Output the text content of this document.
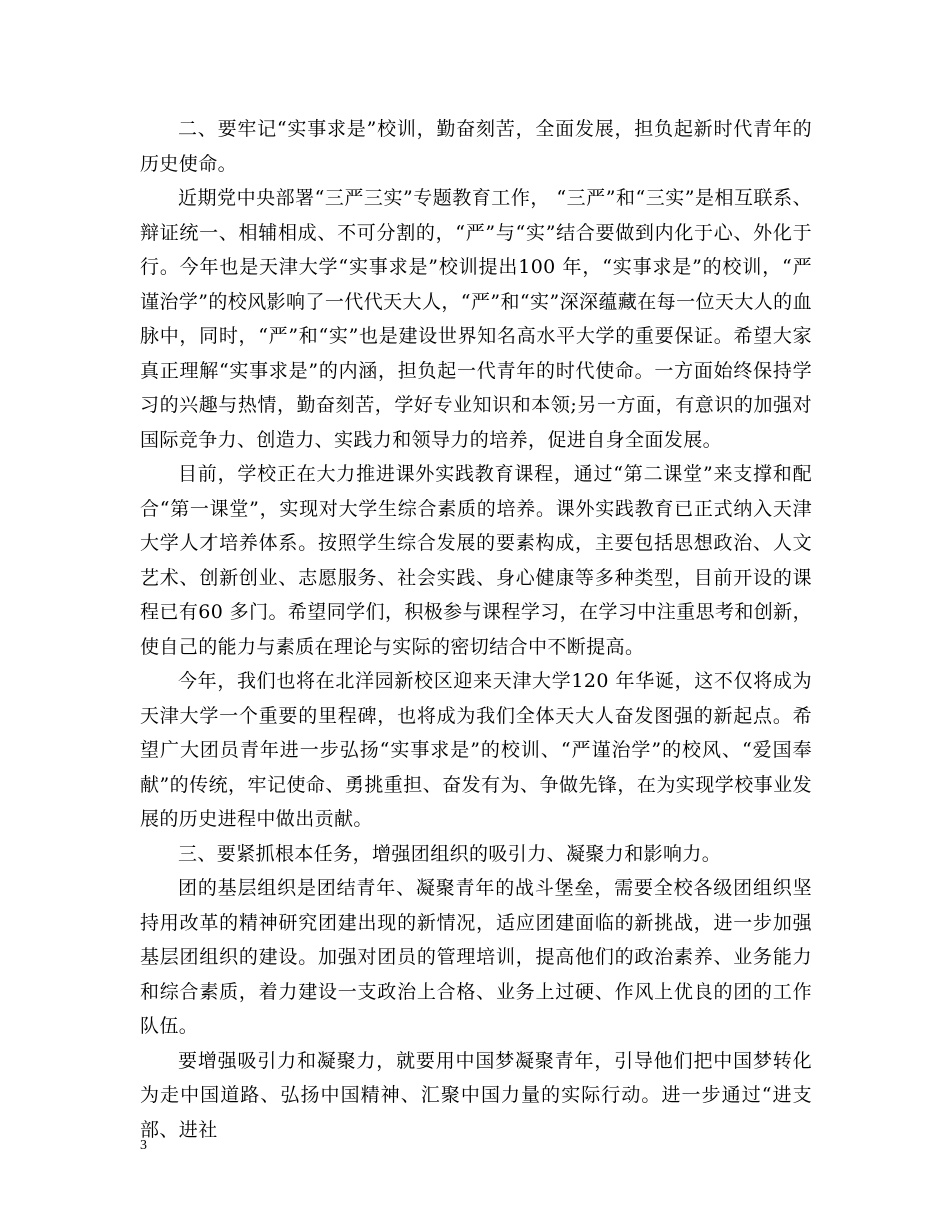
二、要牢记“实事求是”校训，勤奋刻苦，全面发展，担负起新时代青年的历史使命。

近期党中央部署“三严三实”专题教育工作， “三严”和“三实”是相互联系、辩证统一、相辅相成、不可分割的，“严”与“实”结合要做到内化于心、外化于行。今年也是天津大学“实事求是”校训提出100 年，“实事求是”的校训，“严谨治学”的校风影响了一代代天大人，“严”和“实”深深蕴藏在每一位天大人的血脉中，同时，“严”和“实”也是建设世界知名高水平大学的重要保证。希望大家真正理解“实事求是”的内涵，担负起一代青年的时代使命。一方面始终保持学习的兴趣与热情，勤奋刻苦，学好专业知识和本领;另一方面，有意识的加强对国际竞争力、创造力、实践力和领导力的培养，促进自身全面发展。

目前，学校正在大力推进课外实践教育课程，通过“第二课堂”来支撑和配合“第一课堂”，实现对大学生综合素质的培养。课外实践教育已正式纳入天津大学人才培养体系。按照学生综合发展的要素构成，主要包括思想政治、人文艺术、创新创业、志愿服务、社会实践、身心健康等多种类型，目前开设的课程已有60 多门。希望同学们，积极参与课程学习，在学习中注重思考和创新，使自己的能力与素质在理论与实际的密切结合中不断提高。

今年，我们也将在北洋园新校区迎来天津大学120 年华诞，这不仅将成为天津大学一个重要的里程碑，也将成为我们全体天大人奋发图强的新起点。希望广大团员青年进一步弘扬“实事求是”的校训、“严谨治学”的校风、“爱国奉献”的传统，牢记使命、勇挑重担、奋发有为、争做先锋，在为实现学校事业发展的历史进程中做出贡献。

三、要紧抓根本任务，增强团组织的吸引力、凝聚力和影响力。

团的基层组织是团结青年、凝聚青年的战斗堡垒，需要全校各级团组织坚持用改革的精神研究团建出现的新情况，适应团建面临的新挑战，进一步加强基层团组织的建设。加强对团员的管理培训，提高他们的政治素养、业务能力和综合素质，着力建设一支政治上合格、业务上过硬、作风上优良的团的工作队伍。

要增强吸引力和凝聚力，就要用中国梦凝聚青年，引导他们把中国梦转化为走中国道路、弘扬中国精神、汇聚中国力量的实际行动。进一步通过“进支部、进社

3
